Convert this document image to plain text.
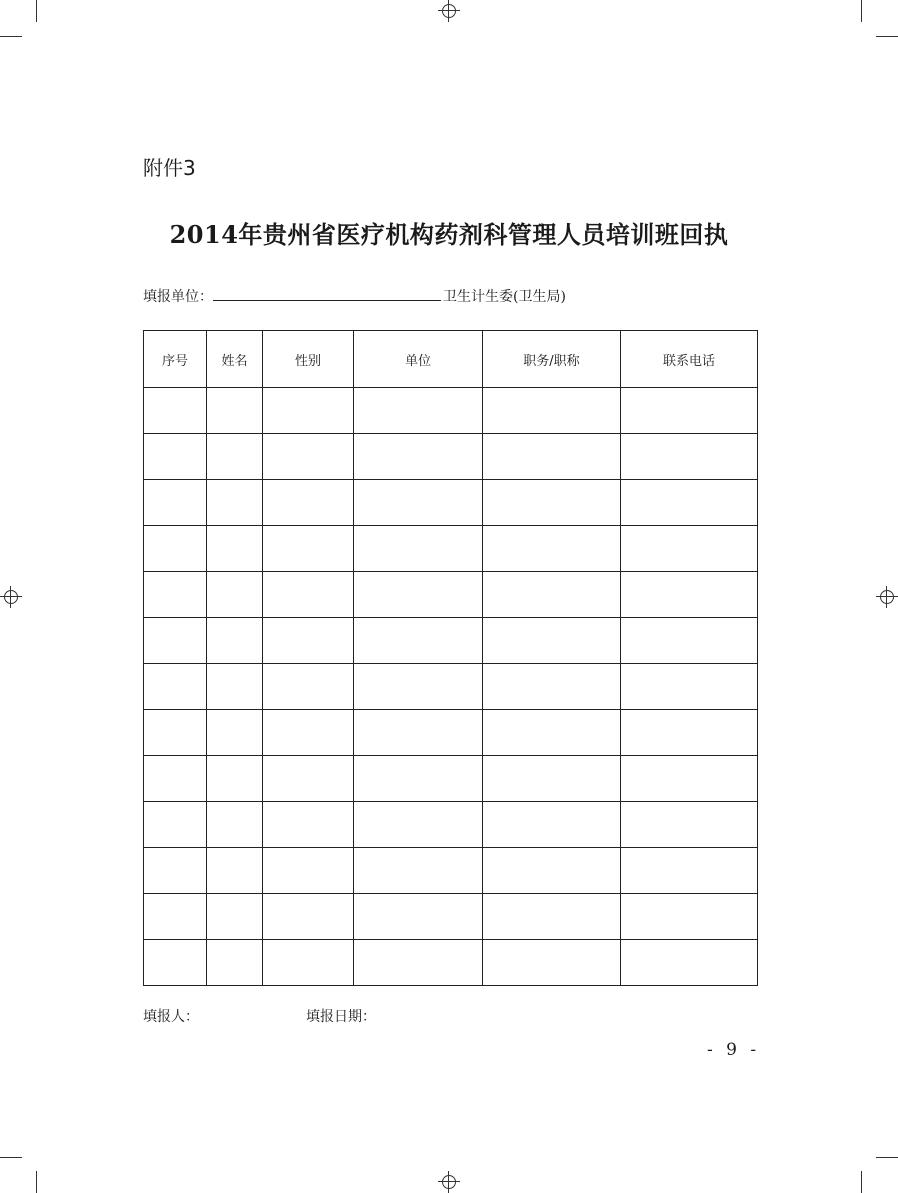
附件3
2014年贵州省医疗机构药剂科管理人员培训班回执
填报单位：	卫生计生委(卫生局)
序号	姓名	性别	单位	职务/职称	联系电话

填报人：	填报日期：
- 9 -
